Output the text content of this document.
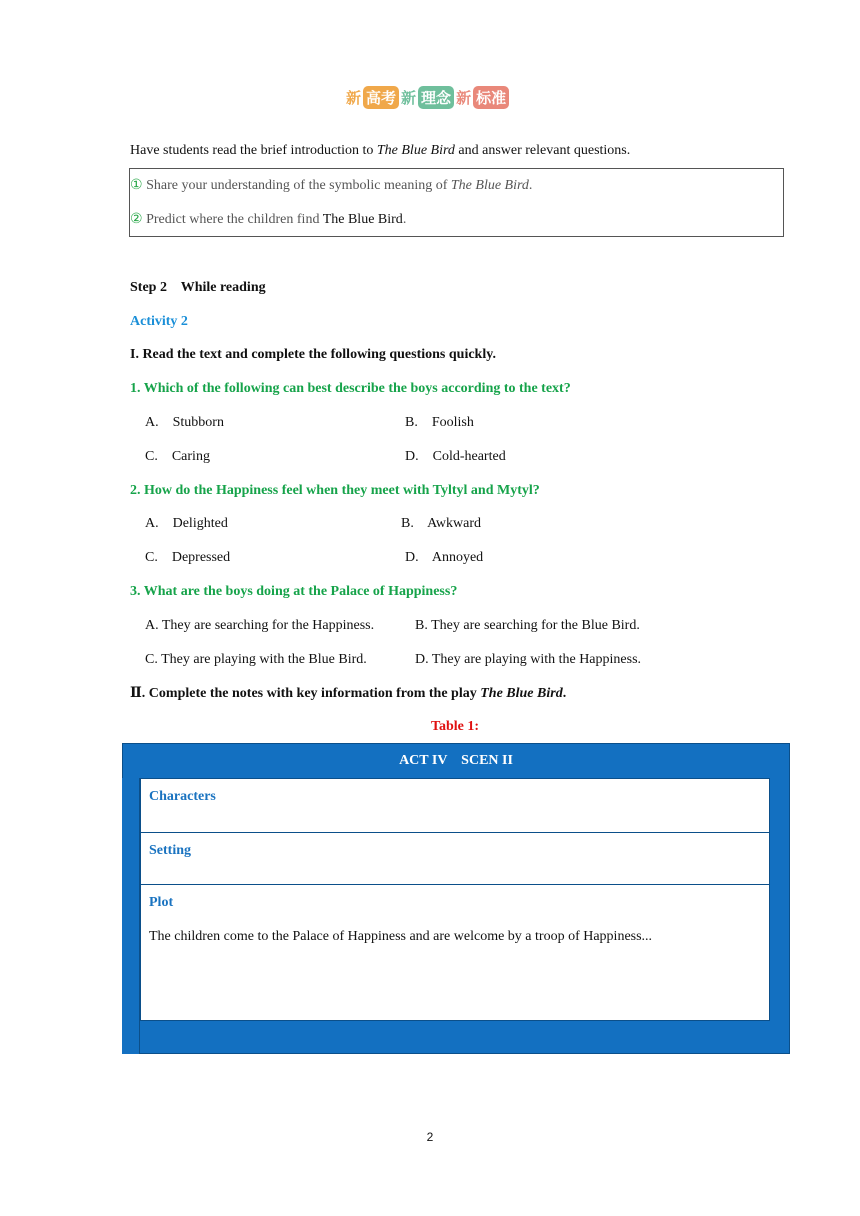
新 高考 新 理念 新 标准
Have students read the brief introduction to The Blue Bird and answer relevant questions.
① Share your understanding of the symbolic meaning of The Blue Bird.
② Predict where the children find The Blue Bird.
Step 2    While reading
Activity 2
I. Read the text and complete the following questions quickly.
1. Which of the following can best describe the boys according to the text?
A.    Stubborn	B.    Foolish
C.    Caring	D.    Cold-hearted
2. How do the Happiness feel when they meet with Tyltyl and Mytyl?
A.    Delighted	B.    Awkward
C.    Depressed	D.    Annoyed
3. What are the boys doing at the Palace of Happiness?
A. They are searching for the Happiness.	B. They are searching for the Blue Bird.
C. They are playing with the Blue Bird.	D. They are playing with the Happiness.
Ⅱ. Complete the notes with key information from the play The Blue Bird.
Table 1:
ACT IV    SCEN II
Characters
Setting
Plot
The children come to the Palace of Happiness and are welcome by a troop of Happiness...
2
